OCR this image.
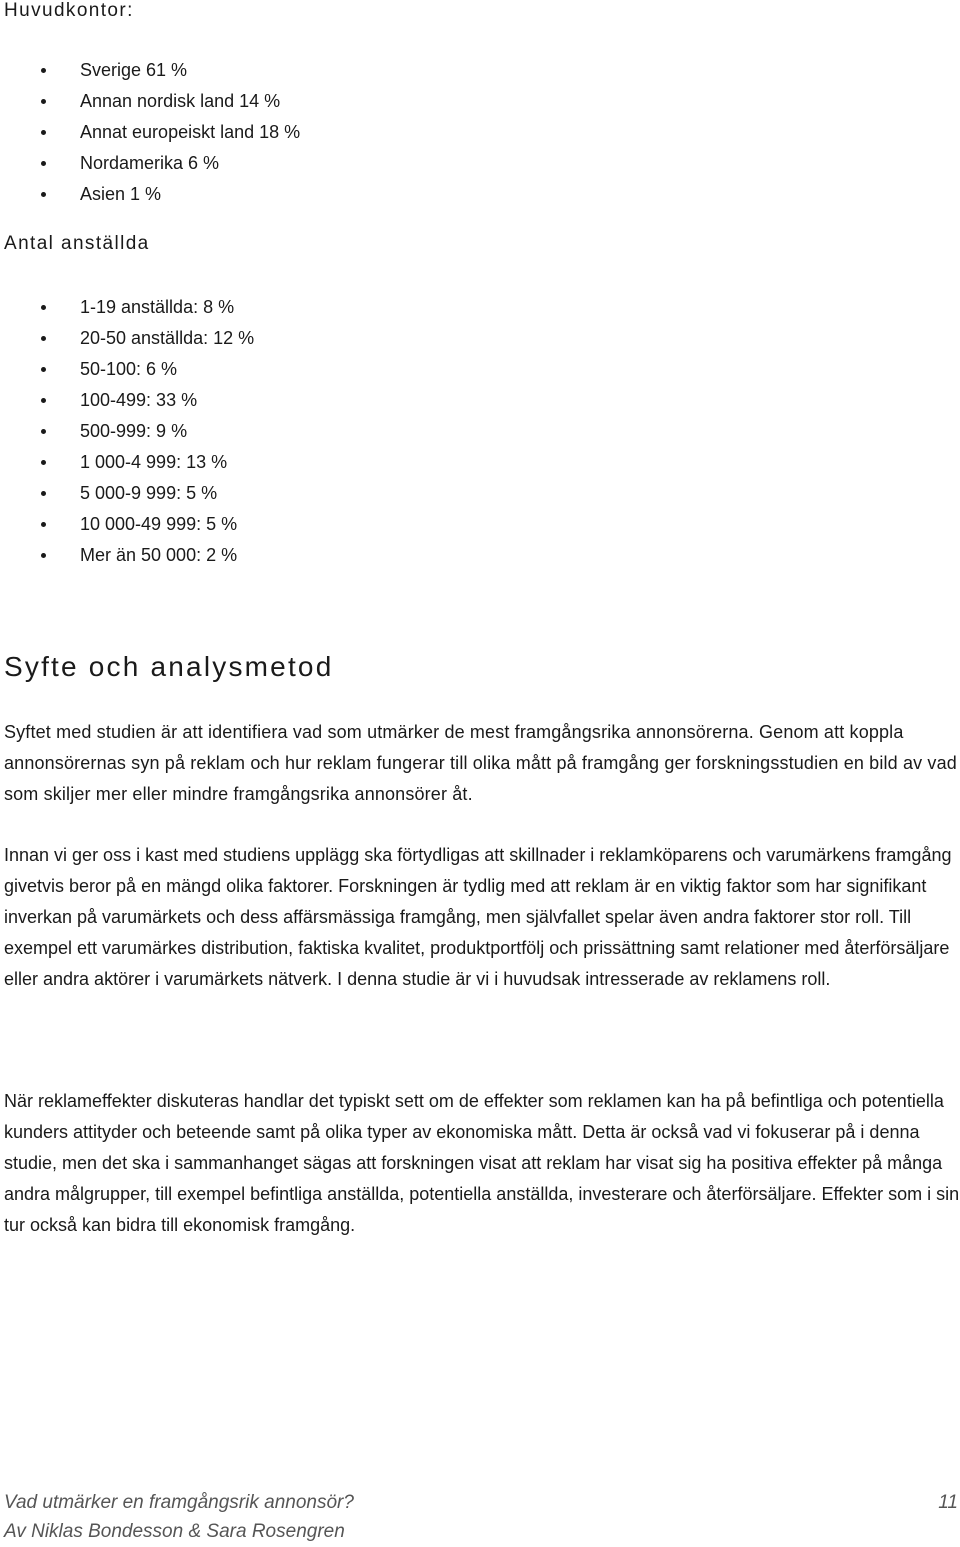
Huvudkontor:
Sverige 61 %
Annan nordisk land 14 %
Annat europeiskt land 18 %
Nordamerika 6 %
Asien 1 %
Antal anställda
1-19 anställda: 8 %
20-50 anställda: 12 %
50-100: 6 %
100-499: 33 %
500-999: 9 %
1 000-4 999: 13 %
5 000-9 999: 5 %
10 000-49 999: 5 %
Mer än 50 000: 2 %
Syfte och analysmetod

Syftet med studien är att identifiera vad som utmärker de mest framgångsrika annonsörerna. Genom att koppla annonsörernas syn på reklam och hur reklam fungerar till olika mått på framgång ger forskningsstudien en bild av vad som skiljer mer eller mindre framgångsrika annonsörer åt.

Innan vi ger oss i kast med studiens upplägg ska förtydligas att skillnader i reklamköparens och varumärkens framgång givetvis beror på en mängd olika faktorer. Forskningen är tydlig med att reklam är en viktig faktor som har signifikant inverkan på varumärkets och dess affärsmässiga framgång, men självfallet spelar även andra faktorer stor roll. Till exempel ett varumärkes distribution, faktiska kvalitet, produktportfölj och prissättning samt relationer med återförsäljare eller andra aktörer i varumärkets nätverk. I denna studie är vi i huvudsak intresserade av reklamens roll.

När reklameffekter diskuteras handlar det typiskt sett om de effekter som reklamen kan ha på befintliga och potentiella kunders attityder och beteende samt på olika typer av ekonomiska mått. Detta är också vad vi fokuserar på i denna studie, men det ska i sammanhanget sägas att forskningen visat att reklam har visat sig ha positiva effekter på många andra målgrupper, till exempel befintliga anställda, potentiella anställda, investerare och återförsäljare. Effekter som i sin tur också kan bidra till ekonomisk framgång.

Vad utmärker en framgångsrik annonsör?

Av Niklas Bondesson & Sara Rosengren

11
